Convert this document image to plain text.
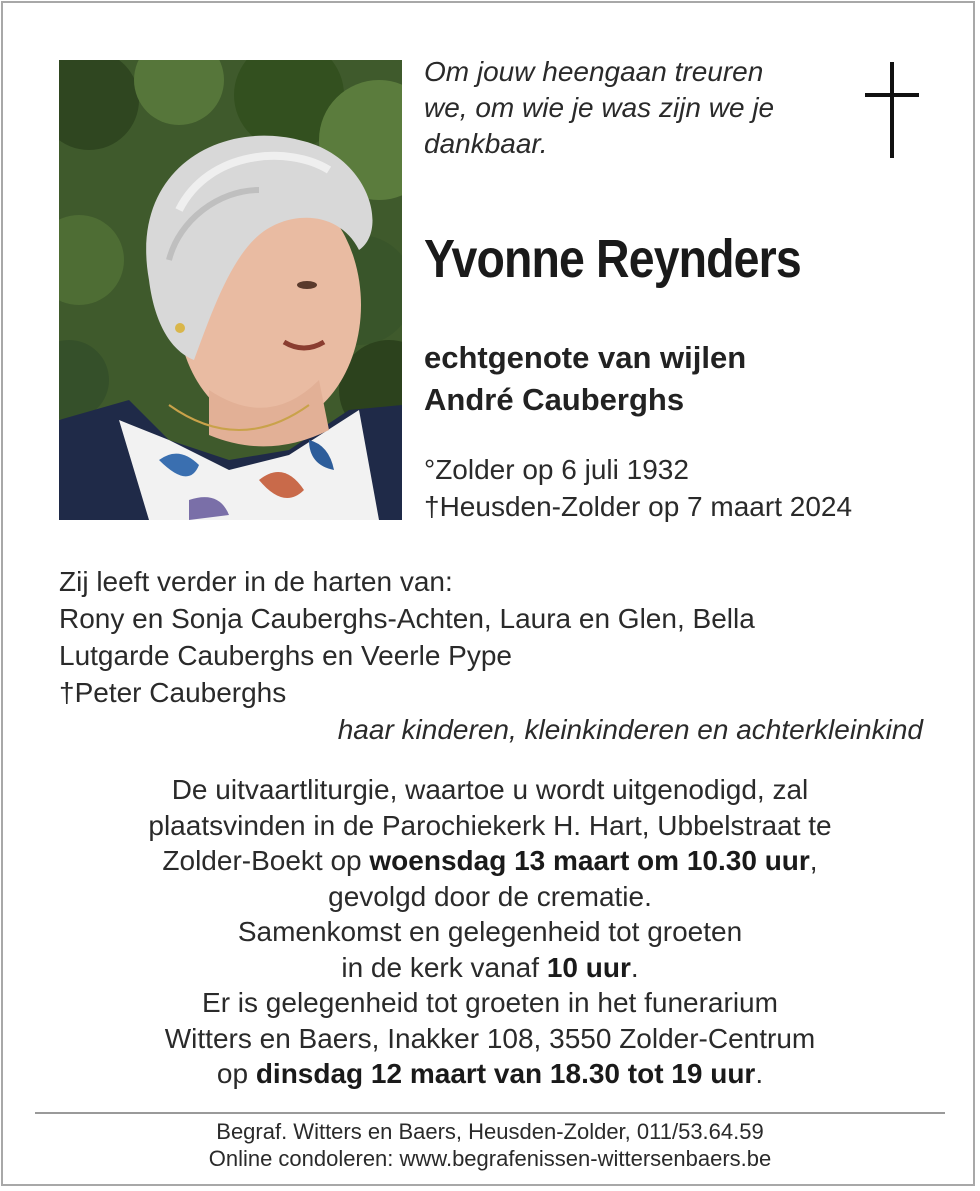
Om jouw heengaan treuren
we, om wie je was zijn we je
dankbaar.
Yvonne Reynders
echtgenote van wijlen
André Cauberghs
°Zolder op 6 juli 1932
†Heusden-Zolder op 7 maart 2024
Zij leeft verder in de harten van:
Rony en Sonja Cauberghs-Achten, Laura en Glen, Bella
Lutgarde Cauberghs en Veerle Pype
†Peter Cauberghs
haar kinderen, kleinkinderen en achterkleinkind
De uitvaartliturgie, waartoe u wordt uitgenodigd, zal
plaatsvinden in de Parochiekerk H. Hart, Ubbelstraat te
Zolder-Boekt op woensdag 13 maart om 10.30 uur,
gevolgd door de crematie.
Samenkomst en gelegenheid tot groeten
in de kerk vanaf 10 uur.
Er is gelegenheid tot groeten in het funerarium
Witters en Baers, Inakker 108, 3550 Zolder-Centrum
op dinsdag 12 maart van 18.30 tot 19 uur.
Begraf. Witters en Baers, Heusden-Zolder, 011/53.64.59
Online condoleren: www.begrafenissen-wittersenbaers.be
